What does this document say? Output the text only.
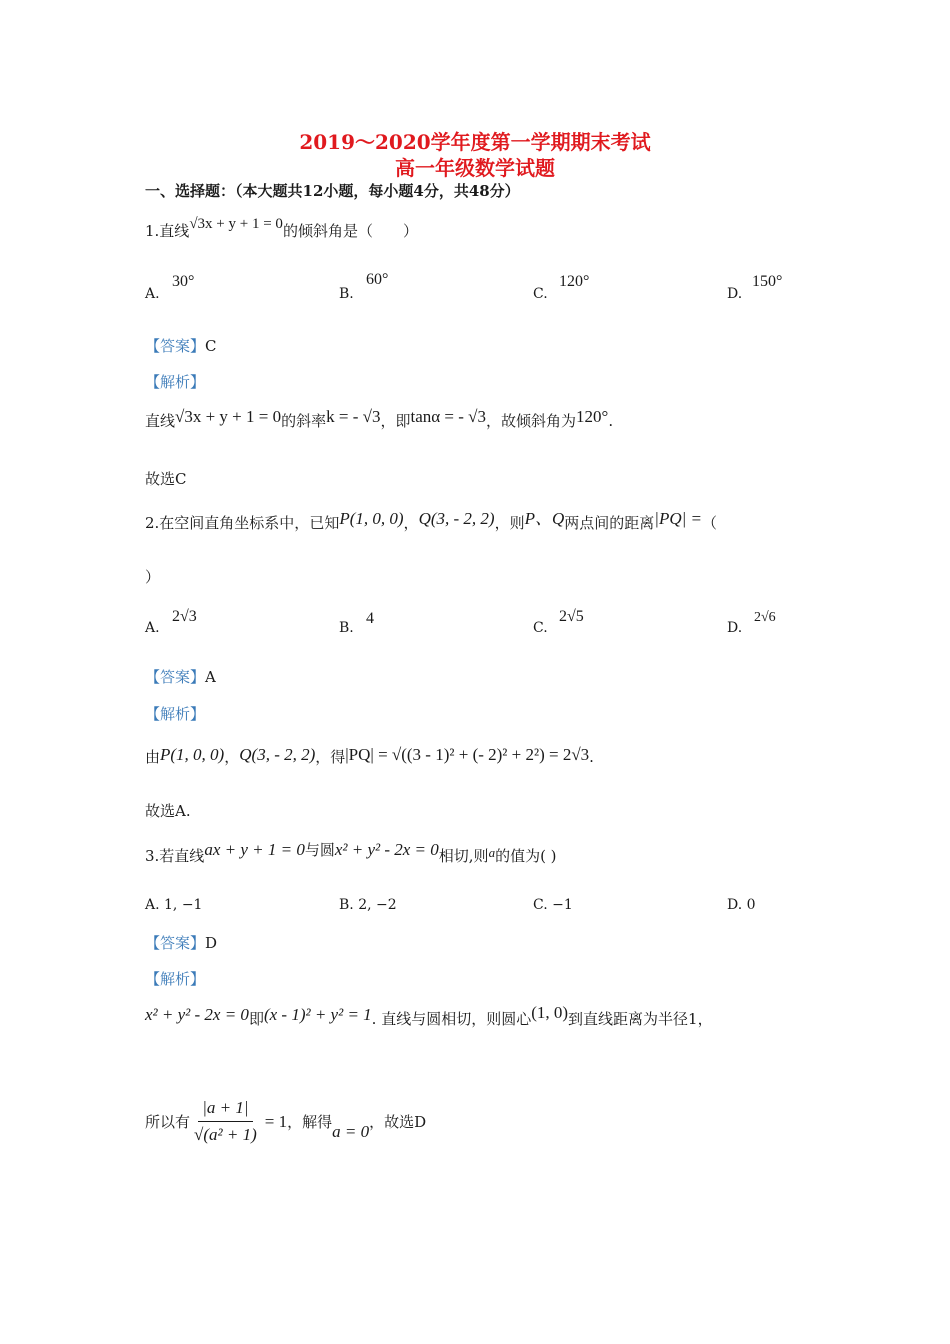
2019～2020学年度第一学期期末考试
高一年级数学试题
一、选择题：（本大题共12小题，每小题4分，共48分）
1.直线√3x + y + 1 = 0的倾斜角是（　　）
A.
30°
B.
60°
C.
120°
D.
150°
【答案】C
【解析】
直线√3x + y + 1 = 0的斜率k = - √3，即tanα = - √3，故倾斜角为120°.
故选C
2.在空间直角坐标系中，已知P(1, 0, 0)，Q(3, - 2, 2)，则P、Q两点间的距离|PQ| =（
）
A.
2√3
B.
4
C.
2√5
D.
2√6
【答案】A
【解析】
由P(1, 0, 0)，Q(3, - 2, 2)，得|PQ| = √((3 - 1)² + (- 2)² + 2²) = 2√3.
故选A.
3.若直线ax + y + 1 = 0与圆x² + y² - 2x = 0相切,则$^a$的值为( )
A. 1, −1	B. 2, −2	C. −1	D. 0
【答案】D
【解析】
x² + y² - 2x = 0即(x - 1)² + y² = 1. 直线与圆相切，则圆心(1, 0)到直线距离为半径1，
所以有 $\frac{|a + 1|}{\text{√(a² + 1)}} = 1$，解得a = 0，故选D
